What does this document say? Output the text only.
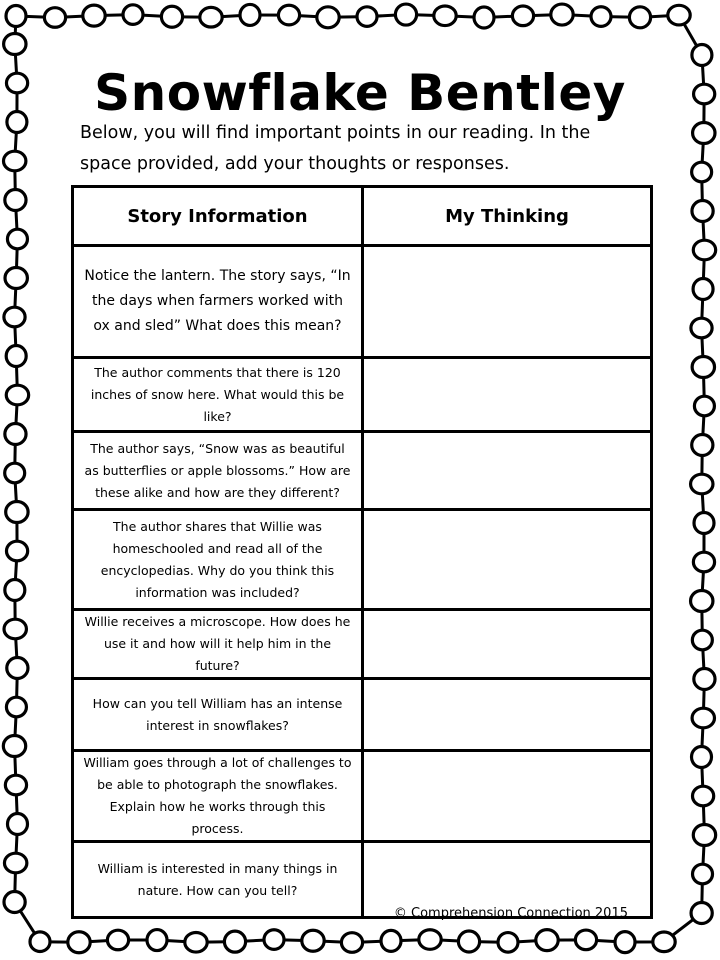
Snowflake Bentley

Below, you will find important points in our reading. In the space provided, add your thoughts or responses.

Story Information	My Thinking
Notice the lantern. The story says, “In the days when farmers worked with ox and sled” What does this mean?	
The author comments that there is 120 inches of snow here. What would this be like?	
The author says, “Snow was as beautiful as butterflies or apple blossoms.” How are these alike and how are they different?	
The author shares that Willie was homeschooled and read all of the encyclopedias. Why do you think this information was included?	
Willie receives a microscope. How does he use it and how will it help him in the future?	
How can you tell William has an intense interest in snowflakes?	
William goes through a lot of challenges to be able to photograph the snowflakes. Explain how he works through this process.	
William is interested in many things in nature. How can you tell?	

© Comprehension Connection 2015
